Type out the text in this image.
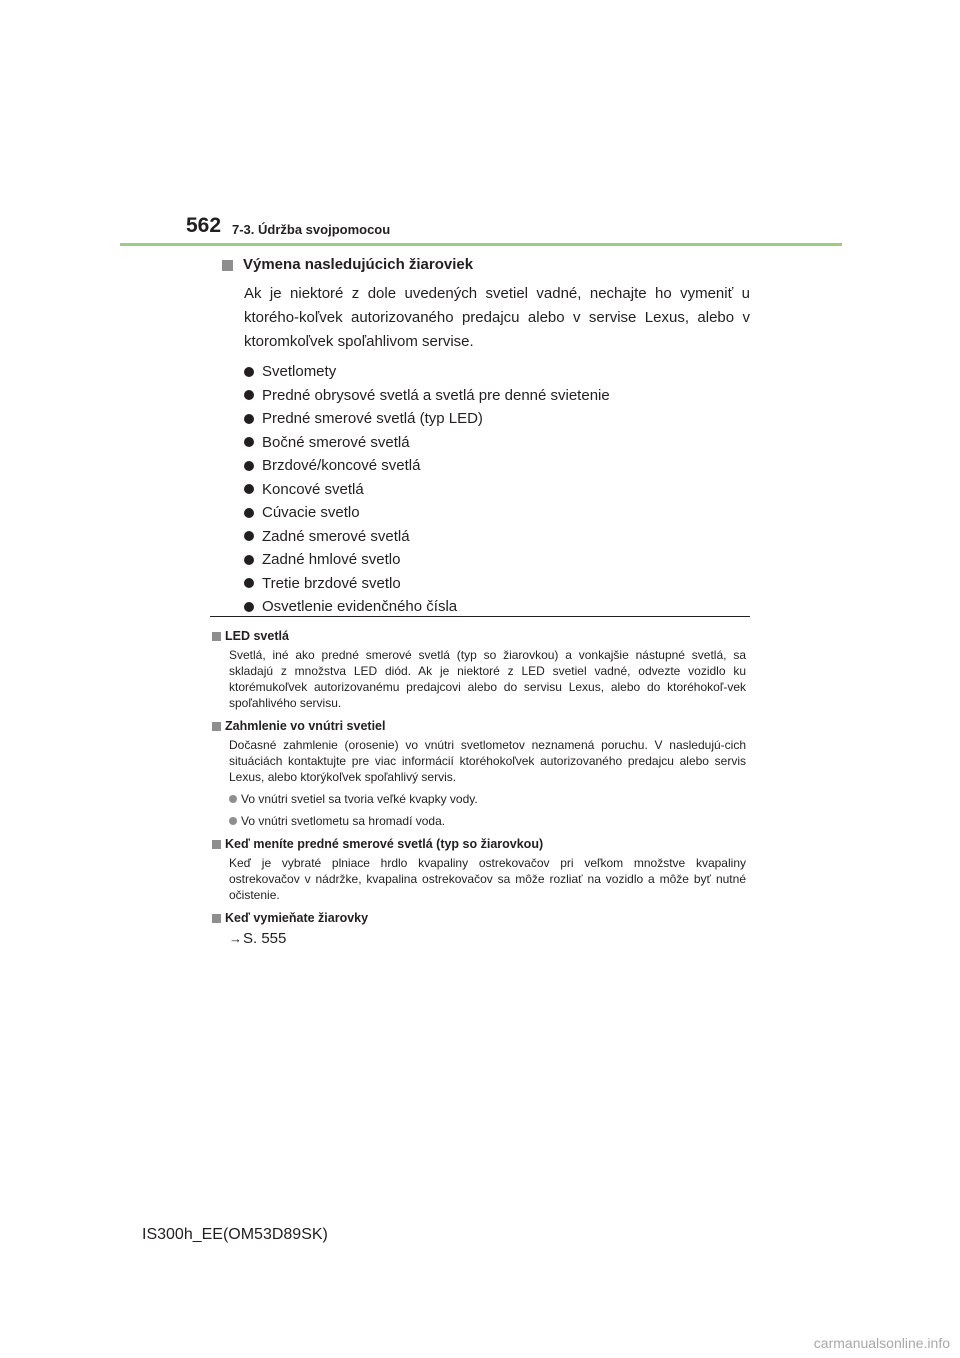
562 7-3. Údržba svojpomocou
Výmena nasledujúcich žiaroviek

Ak je niektoré z dole uvedených svetiel vadné, nechajte ho vymeniť u ktorého-koľvek autorizovaného predajcu alebo v servise Lexus, alebo v ktoromkoľvek spoľahlivom servise.

Svetlomety
Predné obrysové svetlá a svetlá pre denné svietenie
Predné smerové svetlá (typ LED)
Bočné smerové svetlá
Brzdové/koncové svetlá
Koncové svetlá
Cúvacie svetlo
Zadné smerové svetlá
Zadné hmlové svetlo
Tretie brzdové svetlo
Osvetlenie evidenčného čísla
LED svetlá
Svetlá, iné ako predné smerové svetlá (typ so žiarovkou) a vonkajšie nástupné svetlá, sa skladajú z množstva LED diód. Ak je niektoré z LED svetiel vadné, odvezte vozidlo ku ktorémukoľvek autorizovanému predajcovi alebo do servisu Lexus, alebo do ktoréhokoľ-vek spoľahlivého servisu.
Zahmlenie vo vnútri svetiel
Dočasné zahmlenie (orosenie) vo vnútri svetlometov neznamená poruchu. V nasledujú-cich situáciách kontaktujte pre viac informácií ktoréhokoľvek autorizovaného predajcu alebo servis Lexus, alebo ktorýkoľvek spoľahlivý servis.
Vo vnútri svetiel sa tvoria veľké kvapky vody.
Vo vnútri svetlometu sa hromadí voda.
Keď meníte predné smerové svetlá (typ so žiarovkou)
Keď je vybraté plniace hrdlo kvapaliny ostrekovačov pri veľkom množstve kvapaliny ostrekovačov v nádržke, kvapalina ostrekovačov sa môže rozliať na vozidlo a môže byť nutné očistenie.
Keď vymieňate žiarovky
→S. 555
IS300h_EE(OM53D89SK)
carmanualsonline.info
